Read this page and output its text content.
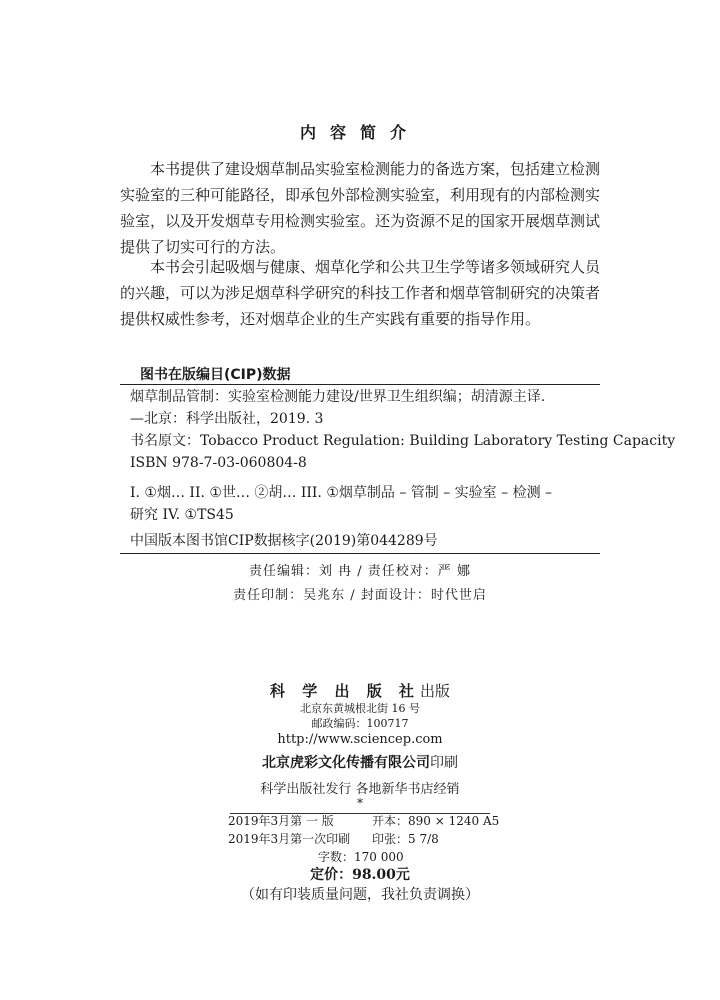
内容简介

本书提供了建设烟草制品实验室检测能力的备选方案，包括建立检测实验室的三种可能路径，即承包外部检测实验室，利用现有的内部检测实验室，以及开发烟草专用检测实验室。还为资源不足的国家开展烟草测试提供了切实可行的方法。

本书会引起吸烟与健康、烟草化学和公共卫生学等诸多领域研究人员的兴趣，可以为涉足烟草科学研究的科技工作者和烟草管制研究的决策者提供权威性参考，还对烟草企业的生产实践有重要的指导作用。

图书在版编目(CIP)数据
烟草制品管制：实验室检测能力建设/世界卫生组织编；胡清源主译.
—北京：科学出版社，2019. 3
书名原文：Tobacco Product Regulation: Building Laboratory Testing Capacity
ISBN 978-7-03-060804-8
I. ①烟… II. ①世… ②胡… III. ①烟草制品 – 管制 – 实验室 – 检测 –
研究 IV. ①TS45
中国版本图书馆CIP数据核字(2019)第044289号
责任编辑：刘 冉 / 责任校对：严 娜
责任印制：吴兆东 / 封面设计：时代世启
科 学 出 版 社出版
北京东黄城根北街 16 号
邮政编码：100717
http://www.sciencep.com
北京虎彩文化传播有限公司印刷
科学出版社发行 各地新华书店经销
*
2019年3月第 一 版	开本：890 × 1240 A5
2019年3月第一次印刷 印张：5 7/8
字数：170 000
定价：98.00元
（如有印装质量问题，我社负责调换）
